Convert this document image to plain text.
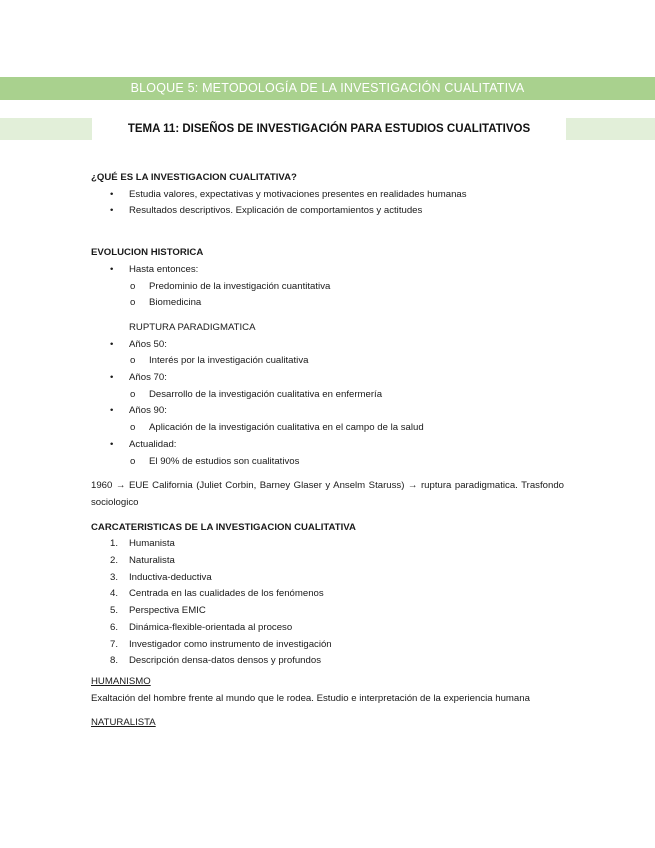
BLOQUE 5: METODOLOGÍA DE LA INVESTIGACIÓN CUALITATIVA
TEMA 11: DISEÑOS DE INVESTIGACIÓN PARA ESTUDIOS CUALITATIVOS

¿QUÉ ES LA INVESTIGACION CUALITATIVA?

• Estudia valores, expectativas y motivaciones presentes en realidades humanas
• Resultados descriptivos. Explicación de comportamientos y actitudes

EVOLUCION HISTORICA

• Hasta entonces:
o Predominio de la investigación cuantitativa
o Biomedicina
RUPTURA PARADIGMATICA
• Años 50:
o Interés por la investigación cualitativa
• Años 70:
o Desarrollo de la investigación cualitativa en enfermería
• Años 90:
o Aplicación de la investigación cualitativa en el campo de la salud
• Actualidad:
o El 90% de estudios son cualitativos

1960 → EUE California (Juliet Corbin, Barney Glaser y Anselm Staruss) → ruptura paradigmatica. Trasfondo sociologico

CARCATERISTICAS DE LA INVESTIGACION CUALITATIVA

1. Humanista
2. Naturalista
3. Inductiva-deductiva
4. Centrada en las cualidades de los fenómenos
5. Perspectiva EMIC
6. Dinámica-flexible-orientada al proceso
7. Investigador como instrumento de investigación
8. Descripción densa-datos densos y profundos

HUMANISMO

Exaltación del hombre frente al mundo que le rodea. Estudio e interpretación de la experiencia humana

NATURALISTA
